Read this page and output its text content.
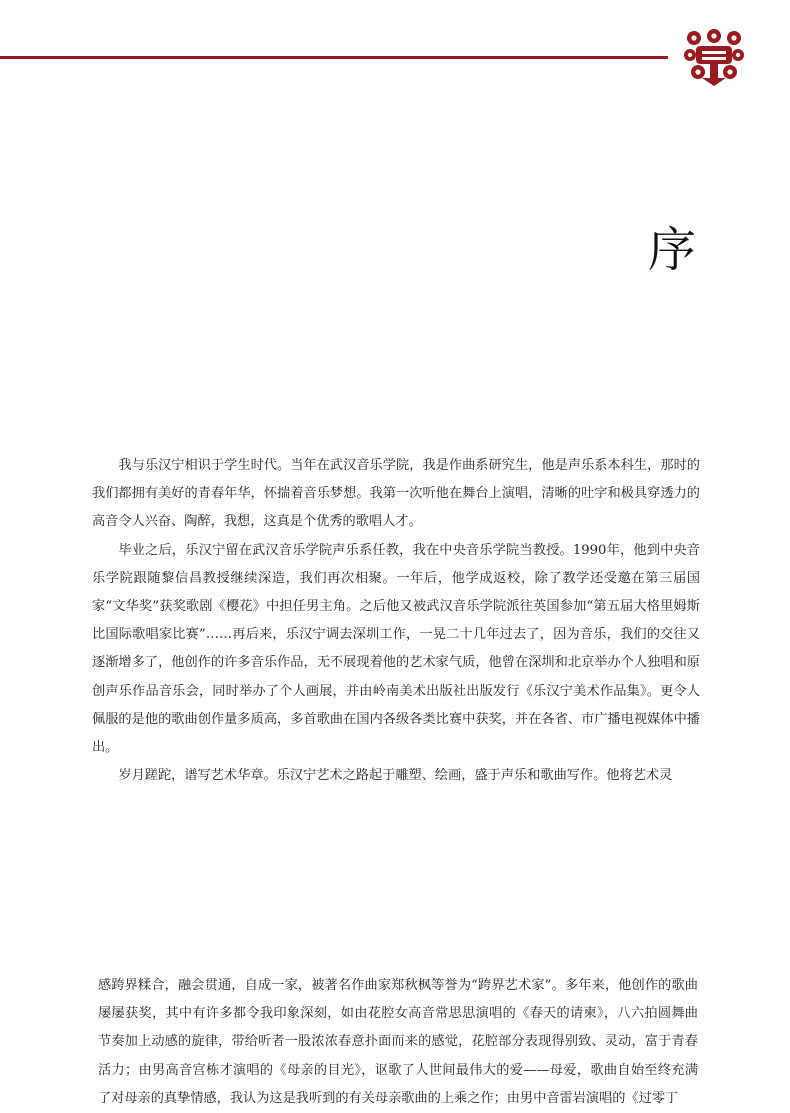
序

我与乐汉宁相识于学生时代。当年在武汉音乐学院，我是作曲系研究生，他是声乐系本科生，那时的我们都拥有美好的青春年华，怀揣着音乐梦想。我第一次听他在舞台上演唱，清晰的吐字和极具穿透力的高音令人兴奋、陶醉，我想，这真是个优秀的歌唱人才。

毕业之后，乐汉宁留在武汉音乐学院声乐系任教，我在中央音乐学院当教授。1990年，他到中央音乐学院跟随黎信昌教授继续深造，我们再次相聚。一年后，他学成返校，除了教学还受邀在第三届国家“文华奖”获奖歌剧《樱花》中担任男主角。之后他又被武汉音乐学院派往英国参加“第五届大格里姆斯比国际歌唱家比赛”……再后来，乐汉宁调去深圳工作，一晃二十几年过去了，因为音乐，我们的交往又逐渐增多了，他创作的许多音乐作品，无不展现着他的艺术家气质，他曾在深圳和北京举办个人独唱和原创声乐作品音乐会，同时举办了个人画展，并由岭南美术出版社出版发行《乐汉宁美术作品集》。更令人佩服的是他的歌曲创作量多质高，多首歌曲在国内各级各类比赛中获奖，并在各省、市广播电视媒体中播出。

岁月蹉跎，谱写艺术华章。乐汉宁艺术之路起于雕塑、绘画，盛于声乐和歌曲写作。他将艺术灵

感跨界糅合，融会贯通，自成一家，被著名作曲家郑秋枫等誉为“跨界艺术家”。多年来，他创作的歌曲屡屡获奖，其中有许多都令我印象深刻，如由花腔女高音常思思演唱的《春天的请柬》，八六拍圆舞曲节奏加上动感的旋律，带给听者一股浓浓春意扑面而来的感觉，花腔部分表现得别致、灵动，富于青春活力；由男高音宫栋才演唱的《母亲的目光》，讴歌了人世间最伟大的爱——母爱，歌曲自始至终充满了对母亲的真挚情感，我认为这是我听到的有关母亲歌曲的上乘之作；由男中音雷岩演唱的《过零丁
